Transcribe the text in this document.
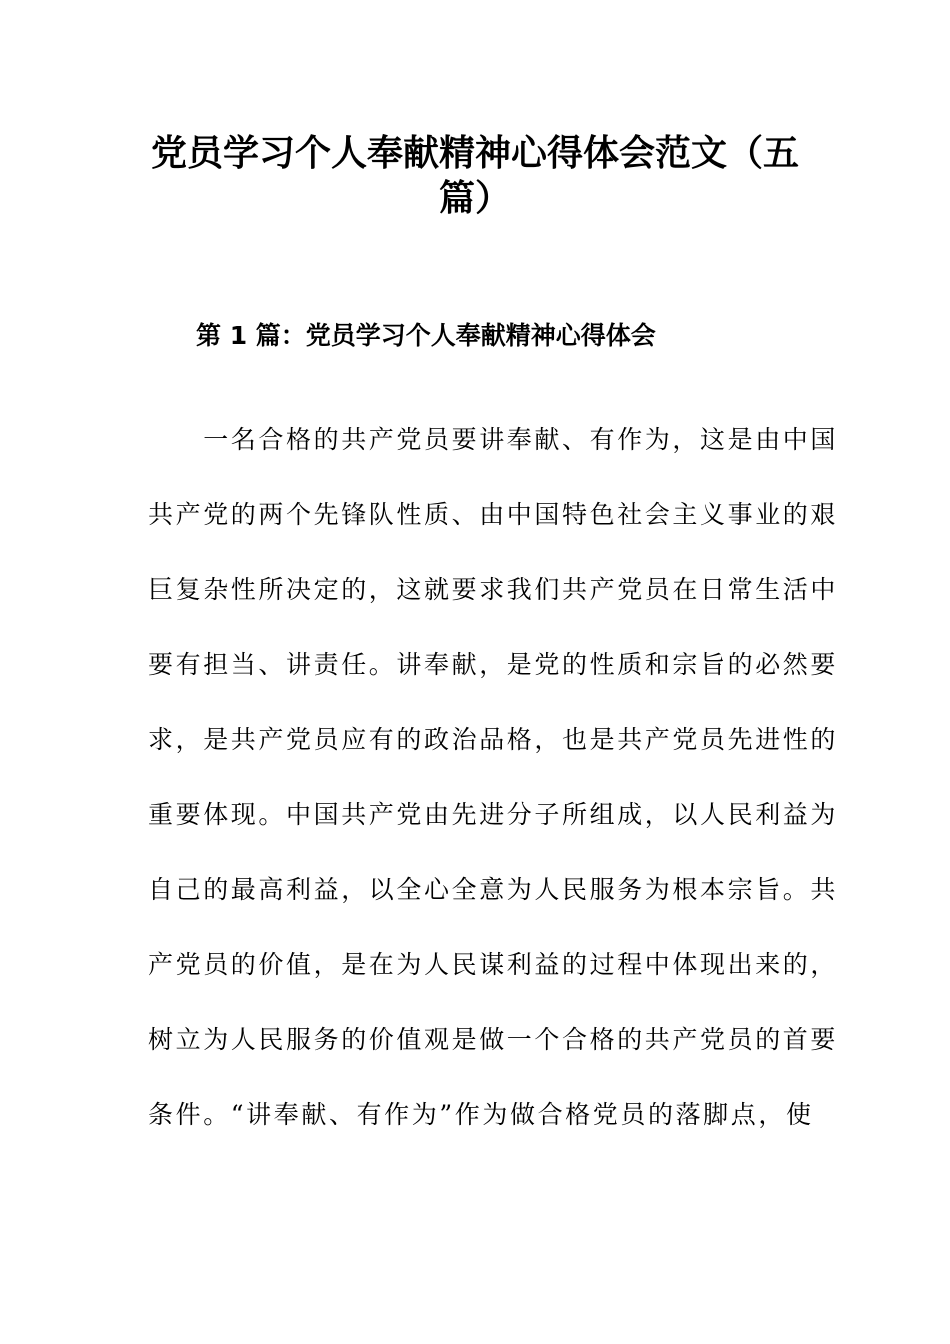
党员学习个人奉献精神心得体会范文（五
篇）
第 1 篇：党员学习个人奉献精神心得体会
　　一名合格的共产党员要讲奉献、有作为，这是由中国
共产党的两个先锋队性质、由中国特色社会主义事业的艰
巨复杂性所决定的，这就要求我们共产党员在日常生活中
要有担当、讲责任。讲奉献，是党的性质和宗旨的必然要
求，是共产党员应有的政治品格，也是共产党员先进性的
重要体现。中国共产党由先进分子所组成，以人民利益为
自己的最高利益，以全心全意为人民服务为根本宗旨。共
产党员的价值，是在为人民谋利益的过程中体现出来的，
树立为人民服务的价值观是做一个合格的共产党员的首要
条件。“讲奉献、有作为”作为做合格党员的落脚点，使
